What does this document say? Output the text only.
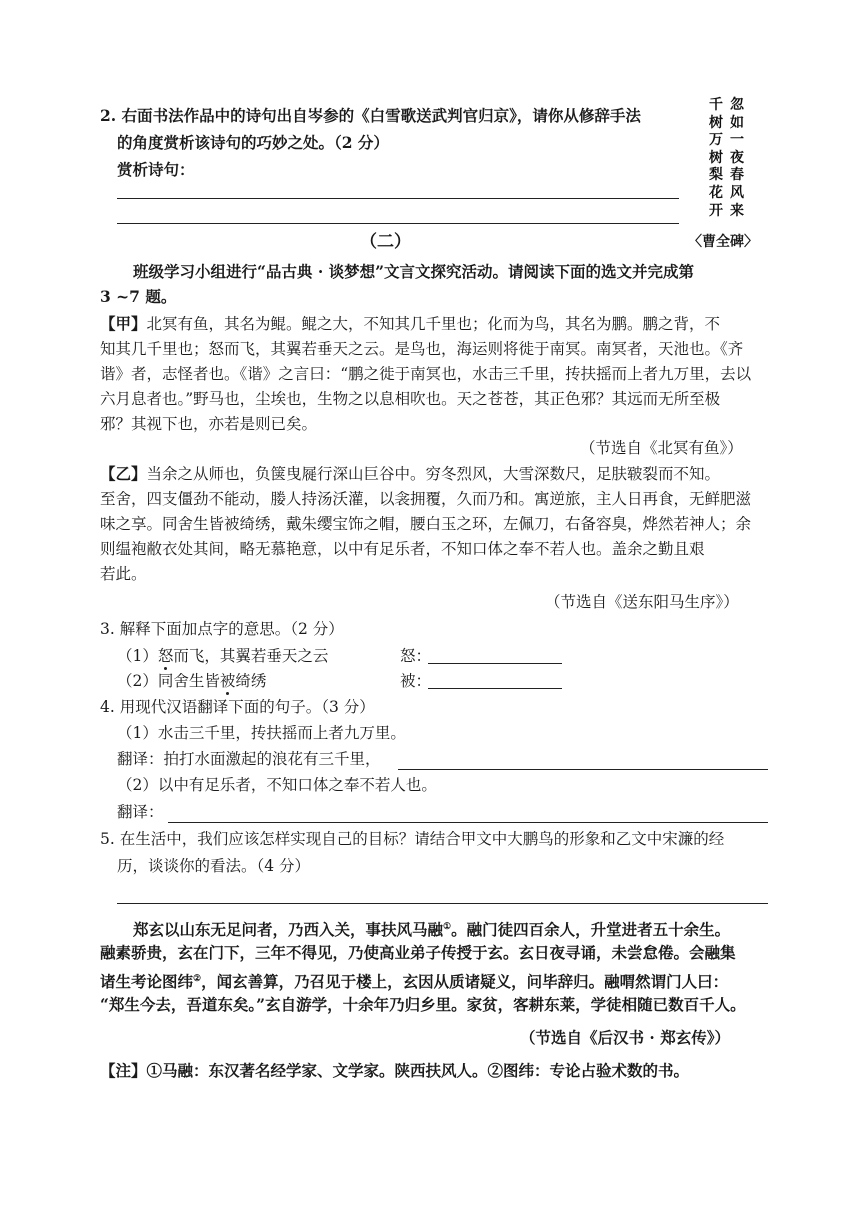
2. 右面书法作品中的诗句出自岑参的《白雪歌送武判官归京》，请你从修辞手法
的角度赏析该诗句的巧妙之处。（2 分）
赏析诗句：
忽如一夜春风来
千树万树梨花开
〈曹全碑〉
（二）
班级学习小组进行“品古典 · 谈梦想”文言文探究活动。请阅读下面的选文并完成第
3 ~7 题。
【甲】北冥有鱼，其名为鲲。鲲之大，不知其几千里也；化而为鸟，其名为鹏。鹏之背，不
知其几千里也；怒而飞，其翼若垂天之云。是鸟也，海运则将徙于南冥。南冥者，天池也。《齐
谐》者，志怪者也。《谐》之言曰：“鹏之徙于南冥也，水击三千里，抟扶摇而上者九万里，去以
六月息者也。”野马也，尘埃也，生物之以息相吹也。天之苍苍，其正色邪？其远而无所至极
邪？其视下也，亦若是则已矣。
（节选自《北冥有鱼》）
【乙】当余之从师也，负箧曳屣行深山巨谷中。穷冬烈风，大雪深数尺，足肤皲裂而不知。
至舍，四支僵劲不能动，媵人持汤沃灌，以衾拥覆，久而乃和。寓逆旅，主人日再食，无鲜肥滋
味之享。同舍生皆被绮绣，戴朱缨宝饰之帽，腰白玉之环，左佩刀，右备容臭，烨然若神人；余
则缊袍敝衣处其间，略无慕艳意，以中有足乐者，不知口体之奉不若人也。盖余之勤且艰
若此。
（节选自《送东阳马生序》）
3. 解释下面加点字的意思。（2 分）
（1）怒而飞，其翼若垂天之云	怒：
（2）同舍生皆被绮绣	被：
4. 用现代汉语翻译下面的句子。（3 分）
（1）水击三千里，抟扶摇而上者九万里。
翻译：拍打水面激起的浪花有三千里，
（2）以中有足乐者，不知口体之奉不若人也。
翻译：
5. 在生活中，我们应该怎样实现自己的目标？请结合甲文中大鹏鸟的形象和乙文中宋濂的经
历，谈谈你的看法。（4 分）
郑玄以山东无足问者，乃西入关，事扶风马融①。融门徒四百余人，升堂进者五十余生。
融素骄贵，玄在门下，三年不得见，乃使高业弟子传授于玄。玄日夜寻诵，未尝怠倦。会融集
诸生考论图纬②，闻玄善算，乃召见于楼上，玄因从质诸疑义，问毕辞归。融喟然谓门人曰：
“郑生今去，吾道东矣。”玄自游学，十余年乃归乡里。家贫，客耕东莱，学徒相随已数百千人。
（节选自《后汉书 · 郑玄传》）
【注】①马融：东汉著名经学家、文学家。陕西扶风人。②图纬：专论占验术数的书。
